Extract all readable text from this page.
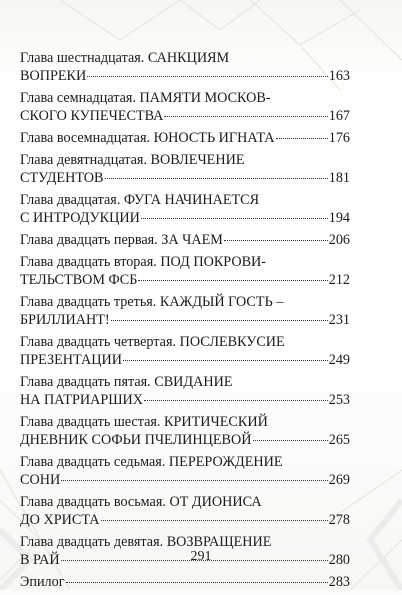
Глава шестнадцатая. САНКЦИЯМ
ВОПРЕКИ	163
Глава семнадцатая. ПАМЯТИ МОСКОВ-
СКОГО КУПЕЧЕСТВА	167
Глава восемнадцатая. ЮНОСТЬ ИГНАТА	176
Глава девятнадцатая. ВОВЛЕЧЕНИЕ
СТУДЕНТОВ	181
Глава двадцатая. ФУГА НАЧИНАЕТСЯ
С ИНТРОДУКЦИИ	194
Глава двадцать первая. ЗА ЧАЕМ	206
Глава двадцать вторая. ПОД ПОКРОВИ-
ТЕЛЬСТВОМ ФСБ	212
Глава двадцать третья. КАЖДЫЙ ГОСТЬ –
БРИЛЛИАНТ!	231
Глава двадцать четвертая. ПОСЛЕВКУСИЕ
ПРЕЗЕНТАЦИИ	249
Глава двадцать пятая. СВИДАНИЕ
НА ПАТРИАРШИХ	253
Глава двадцать шестая. КРИТИЧЕСКИЙ
ДНЕВНИК СОФЬИ ПЧЕЛИНЦЕВОЙ	265
Глава двадцать седьмая. ПЕРЕРОЖДЕНИЕ
СОНИ	269
Глава двадцать восьмая. ОТ ДИОНИСА
ДО ХРИСТА	278
Глава двадцать девятая. ВОЗВРАЩЕНИЕ
В РАЙ	280
Эпилог	283
291
